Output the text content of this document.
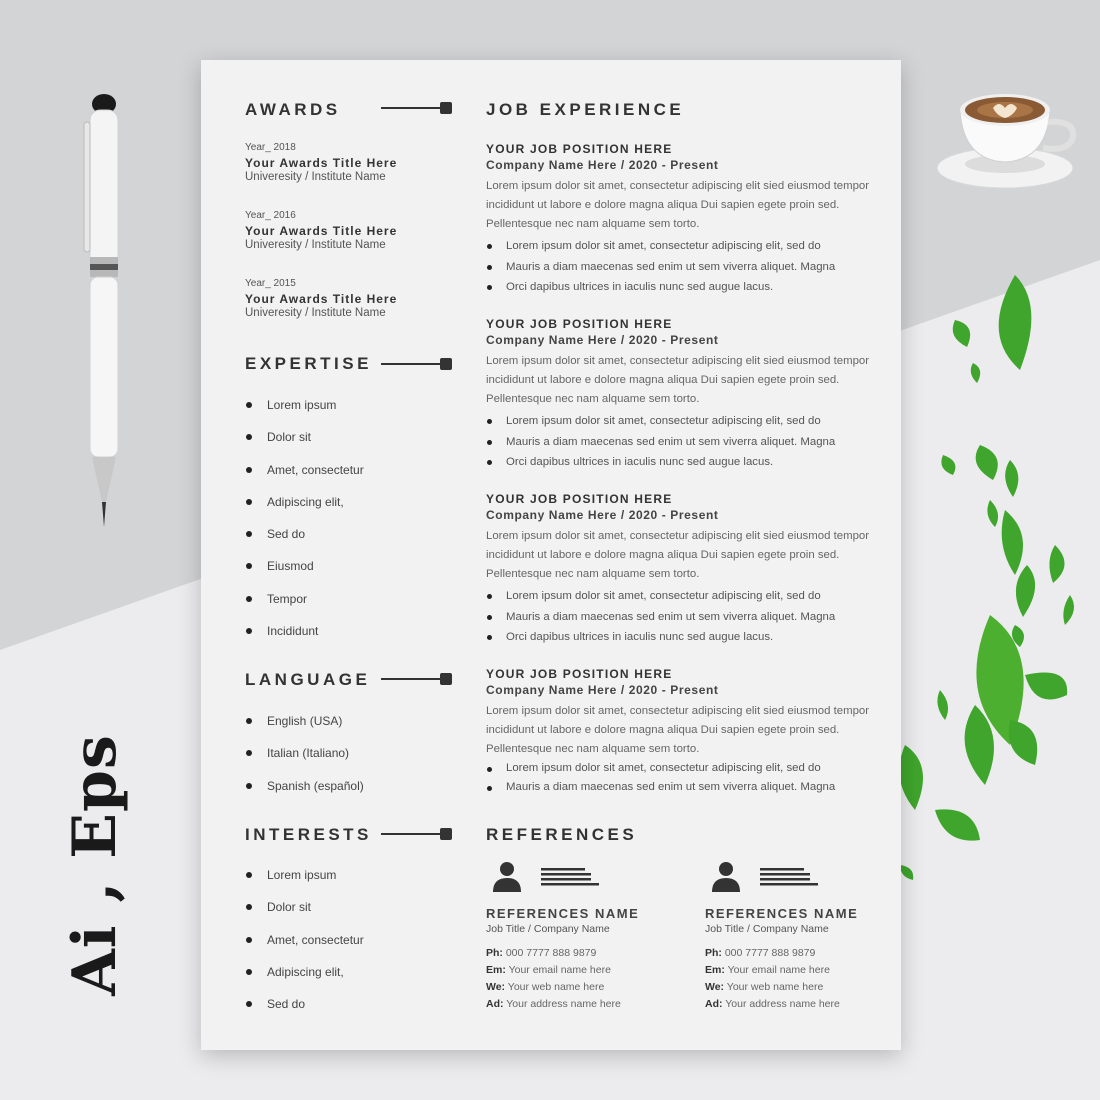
Ai , Eps
AWARDS
Year_ 2018
Your Awards Title Here
Univeresity / Institute Name
Year_ 2016
Your Awards Title Here
Univeresity / Institute Name
Year_ 2015
Your Awards Title Here
Univeresity / Institute Name
EXPERTISE
Lorem ipsum
Dolor sit
Amet, consectetur
Adipiscing elit,
Sed do
Eiusmod
Tempor
Incididunt
LANGUAGE
English (USA)
Italian (Italiano)
Spanish (español)
INTERESTS
Lorem ipsum
Dolor sit
Amet, consectetur
Adipiscing elit,
Sed do
JOB EXPERIENCE
YOUR JOB POSITION HERE
Company Name Here / 2020 - Present
Lorem ipsum dolor sit amet, consectetur adipiscing elit sied eiusmod tempor incididunt ut labore e dolore magna aliqua Dui sapien egete proin sed. Pellentesque nec nam alquame sem torto.
Lorem ipsum dolor sit amet, consectetur adipiscing elit, sed do
Mauris a diam maecenas sed enim ut sem viverra aliquet. Magna
Orci dapibus ultrices in iaculis nunc sed augue lacus.
YOUR JOB POSITION HERE
Company Name Here / 2020 - Present
Lorem ipsum dolor sit amet, consectetur adipiscing elit sied eiusmod tempor incididunt ut labore e dolore magna aliqua Dui sapien egete proin sed. Pellentesque nec nam alquame sem torto.
Lorem ipsum dolor sit amet, consectetur adipiscing elit, sed do
Mauris a diam maecenas sed enim ut sem viverra aliquet. Magna
Orci dapibus ultrices in iaculis nunc sed augue lacus.
YOUR JOB POSITION HERE
Company Name Here / 2020 - Present
Lorem ipsum dolor sit amet, consectetur adipiscing elit sied eiusmod tempor incididunt ut labore e dolore magna aliqua Dui sapien egete proin sed. Pellentesque nec nam alquame sem torto.
Lorem ipsum dolor sit amet, consectetur adipiscing elit, sed do
Mauris a diam maecenas sed enim ut sem viverra aliquet. Magna
Orci dapibus ultrices in iaculis nunc sed augue lacus.
YOUR JOB POSITION HERE
Company Name Here / 2020 - Present
Lorem ipsum dolor sit amet, consectetur adipiscing elit sied eiusmod tempor incididunt ut labore e dolore magna aliqua Dui sapien egete proin sed. Pellentesque nec nam alquame sem torto.
Lorem ipsum dolor sit amet, consectetur adipiscing elit, sed do
Mauris a diam maecenas sed enim ut sem viverra aliquet. Magna
REFERENCES
REFERENCES NAME
Job Title / Company Name
Ph: 000 7777 888 9879
Em: Your email name here
We: Your web name here
Ad: Your address name here
REFERENCES NAME
Job Title / Company Name
Ph: 000 7777 888 9879
Em: Your email name here
We: Your web name here
Ad: Your address name here
